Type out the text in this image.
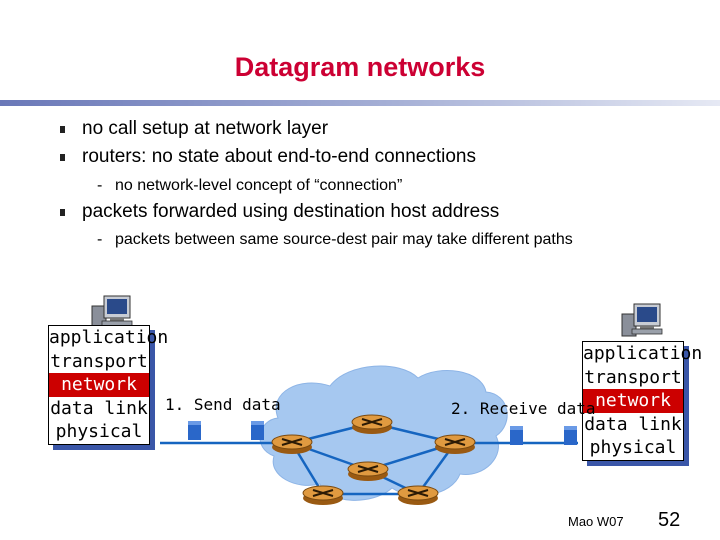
Datagram networks
no call setup at network layer
routers: no state about end-to-end connections
- no network-level concept of “connection”
packets forwarded using destination host address
- packets between same source-dest pair may take different paths
application
transport
network
data link
physical
application
transport
network
data link
physical
1. Send data	2. Receive data
Mao W07 52
